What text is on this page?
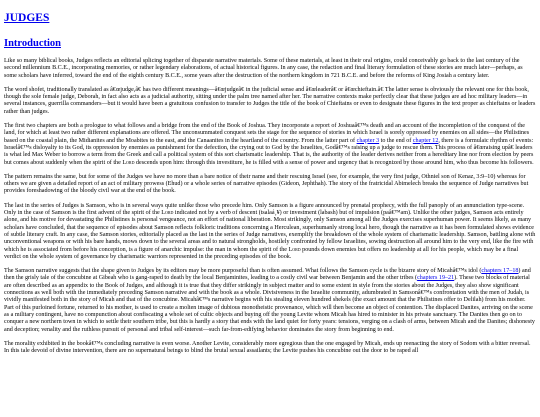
JUDGES
Introduction

Like so many biblical books, Judges reflects an editorial splicing together of disparate narrative materials. Some of these materials, at least in their oral origins, could conceivably go back to the last century of the second millennium B.C.E., incorporating memories, or rather legendary elaborations, of actual historical figures. In any case, the redaction and final literary formulation of these stories are much later—perhaps, as some scholars have inferred, toward the end of the eighth century B.C.E., some years after the destruction of the northern kingdom in 721 B.C.E. and before the reforms of King Josiah a century later.

The word shofet, traditionally translated as â€œjudge,â€ has two different meanings—â€œjudgeâ€ in the judicial sense and â€œleaderâ€ or â€œchieftain.â€ The latter sense is obviously the relevant one for this book, though the sole female judge, Deborah, in fact also acts as a judicial authority, sitting under the palm tree named after her. The narrative contexts make perfectly clear that these judges are ad hoc military leaders—in several instances, guerrilla commanders—but it would have been a gratuitous confusion to transfer to Judges the title of the book of Chieftains or even to designate these figures in the text proper as chieftains or leaders rather than judges.

The first two chapters are both a prologue to what follows and a bridge from the end of the Book of Joshua. They incorporate a report of Joshuaâ€™s death and an account of the incompletion of the conquest of the land, for which at least two rather different explanations are offered. The unconsummated conquest sets the stage for the sequence of stories in which Israel is sorely oppressed by enemies on all sides—the Philistines based on the coastal plain, the Midianites and the Moabites to the east, and the Canaanites in the heartland of the country. From the latter part of chapter 3 to the end of chapter 12, there is a formulaic rhythm of events: Israelâ€™s disloyalty to its God, its oppression by enemies as punishment for the defection, the crying out to God by the Israelites, Godâ€™s raising up a judge to rescue them. This process of â€œraising upâ€ leaders is what led Max Weber to borrow a term from the Greek and call a political system of this sort charismatic leadership. That is, the authority of the leader derives neither from a hereditary line nor from election by peers but comes about suddenly when the spirit of the Lord descends upon him: through this investiture, he is filled with a sense of power and urgency that is recognized by those around him, who thus become his followers.

The pattern remains the same, but for some of the Judges we have no more than a bare notice of their name and their rescuing Israel (see, for example, the very first judge, Othniel son of Kenaz, 3:9–10) whereas for others we are given a detailed report of an act of military prowess (Ehud) or a whole series of narrative episodes (Gideon, Jephthah). The story of the fratricidal Abimelech breaks the sequence of Judge narratives but provides foreshadowing of the bloody civil war at the end of the book.

The last in the series of Judges is Samson, who is in several ways quite unlike those who precede him. Only Samson is a figure announced by prenatal prophecy, with the full panoply of an annunciation type-scene. Only in the case of Samson is the first advent of the spirit of the Lord indicated not by a verb of descent (tsalaá¸¥) or investment (labash) but of impulsion (paâ€™am). Unlike the other judges, Samson acts entirely alone, and his motive for devastating the Philistines is personal vengeance, not an effort of national liberation. Most strikingly, only Samson among all the Judges exercises superhuman power. It seems likely, as many scholars have concluded, that the sequence of episodes about Samson reflects folkloric traditions concerning a Herculean, superhumanly strong local hero, though the narrative as it has been formulated shows evidence of subtle literary craft. In any case, the Samson stories, editorially placed as the last in the series of Judge narratives, exemplify the breakdown of the whole system of charismatic leadership. Samson, battling alone with unconventional weapons or with his bare hands, mows down to the several areas and to natural strongholds, hostilely confronted by fellow Israelites, sowing destruction all around him to the very end, like the fire with which he is associated from before his conception, is a figure of anarchic impulse: the man in whom the spirit of the Lord pounds down enemies but offers no leadership at all for his people, which may be a final verdict on the whole system of governance by charismatic warriors represented in the preceding episodes of the book.

The Samson narrative suggests that the shape given to Judges by its editors may be more purposeful than is often assumed. What follows the Samson cycle is the bizarre story of Micahâ€™s idol (chapters 17–18) and then the grisly tale of the concubine at Gibeah who is gang-raped to death by the local Benjaminites, leading to a costly civil war between Benjamin and the other tribes (chapters 19–21). These two blocks of material are often described as an appendix to the Book of Judges, and although it is true that they differ strikingly in subject matter and to some extent in style from the stories about the Judges, they also show significant connections as well both with the immediately preceding Samson narrative and with the book as a whole. Divisiveness in the Israelite community, adumbrated in Samsonâ€™s confrontation with the men of Judah, is vividly manifested both in the story of Micah and that of the concubine. Micahâ€™s narrative begins with his stealing eleven hundred shekels (the exact amount that the Philistines offer to Delilah) from his mother. Part of this purloined fortune, returned to his mother, is used to create a molten image of dubious monotheistic provenance, which will then become an object of contention. The displaced Danites, arriving on the scene as a military contingent, have no compunction about confiscating a whole set of cultic objects and buying off the young Levite whom Micah has hired to minister in his private sanctuary. The Danites then go on to conquer a new northern town in which to settle their southern tribe, but this is hardly a story that ends with the land quiet for forty years: tensions, verging on a clash of arms, between Micah and the Danites; dishonesty and deception; venality and the ruthless pursuit of personal and tribal self-interest—such far-from-edifying behavior dominates the story from beginning to end.

The morality exhibited in the bookâ€™s concluding narrative is even worse. Another Levite, considerably more egregious than the one engaged by Micah, ends up reenacting the story of Sodom with a bitter reversal. In this tale devoid of divine intervention, there are no supernatural beings to blind the brutal sexual assailants; the Levite pushes his concubine out the door to be raped all
